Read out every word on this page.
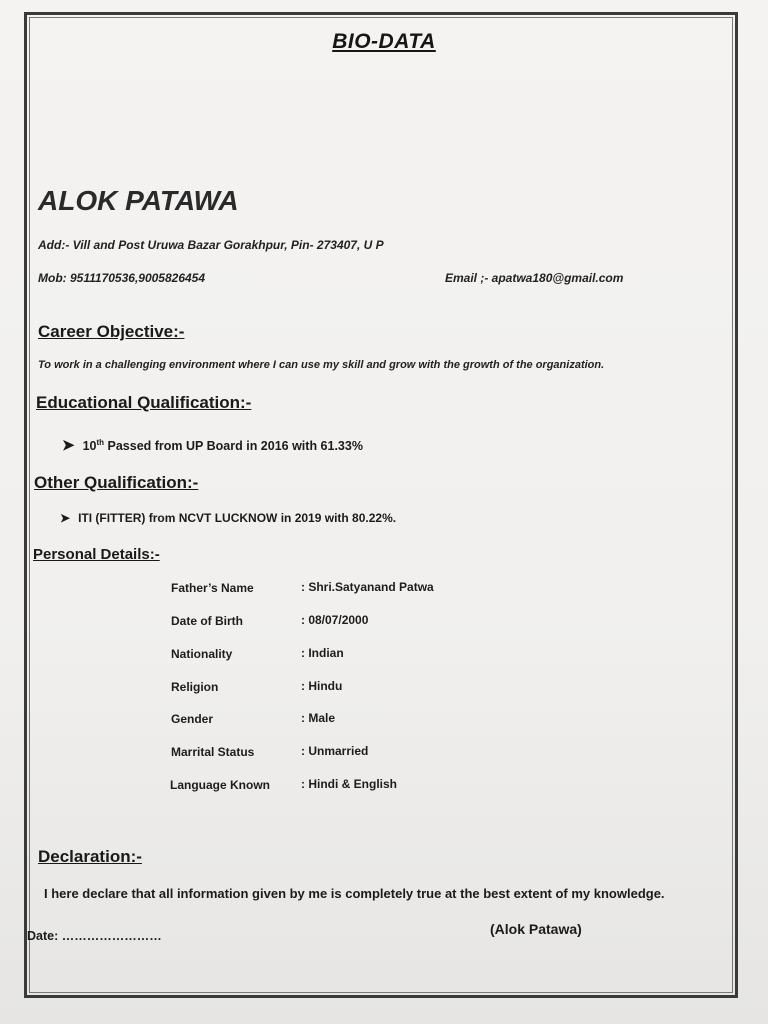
BIO-DATA
ALOK PATAWA
Add:- Vill and Post Uruwa Bazar Gorakhpur, Pin- 273407, U P
Mob: 9511170536,9005826454	Email ;- apatwa180@gmail.com
Career Objective:-
To work in a challenging environment where I can use my skill and grow with the growth of the organization.
Educational Qualification:-
➤ 10th Passed from UP Board in 2016 with 61.33%
Other Qualification:-
➤ ITI (FITTER) from NCVT LUCKNOW in 2019 with 80.22%.
Personal Details:-
Father’s Name	: Shri.Satyanand Patwa
Date of Birth	: 08/07/2000
Nationality	: Indian
Religion	: Hindu
Gender	: Male
Marrital Status	: Unmarried
Language Known	: Hindi & English
Declaration:-
I here declare that all information given by me is completely true at the best extent of my knowledge.
Date: ……………………	(Alok Patawa)
